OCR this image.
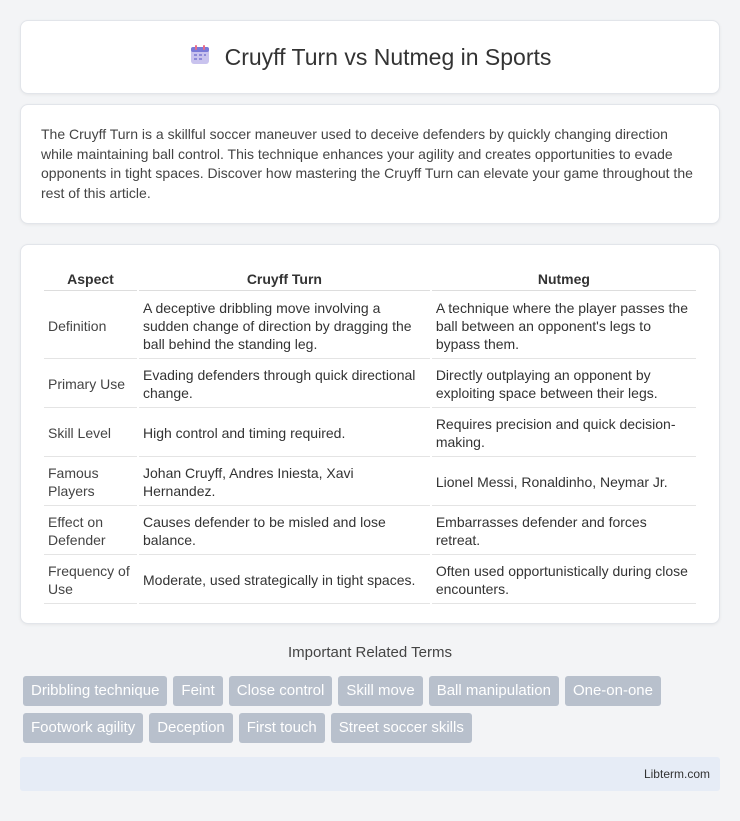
Cruyff Turn vs Nutmeg in Sports

The Cruyff Turn is a skillful soccer maneuver used to deceive defenders by quickly changing direction while maintaining ball control. This technique enhances your agility and creates opportunities to evade opponents in tight spaces. Discover how mastering the Cruyff Turn can elevate your game throughout the rest of this article.

Aspect	Cruyff Turn	Nutmeg
Definition	A deceptive dribbling move involving a sudden change of direction by dragging the ball behind the standing leg.	A technique where the player passes the ball between an opponent's legs to bypass them.
Primary Use	Evading defenders through quick directional change.	Directly outplaying an opponent by exploiting space between their legs.
Skill Level	High control and timing required.	Requires precision and quick decision-making.
Famous Players	Johan Cruyff, Andres Iniesta, Xavi Hernandez.	Lionel Messi, Ronaldinho, Neymar Jr.
Effect on Defender	Causes defender to be misled and lose balance.	Embarrasses defender and forces retreat.
Frequency of Use	Moderate, used strategically in tight spaces.	Often used opportunistically during close encounters.
Important Related Terms
Dribbling technique	Feint	Close control	Skill move	Ball manipulation	One-on-one
Footwork agility	Deception	First touch	Street soccer skills
Libterm.com
